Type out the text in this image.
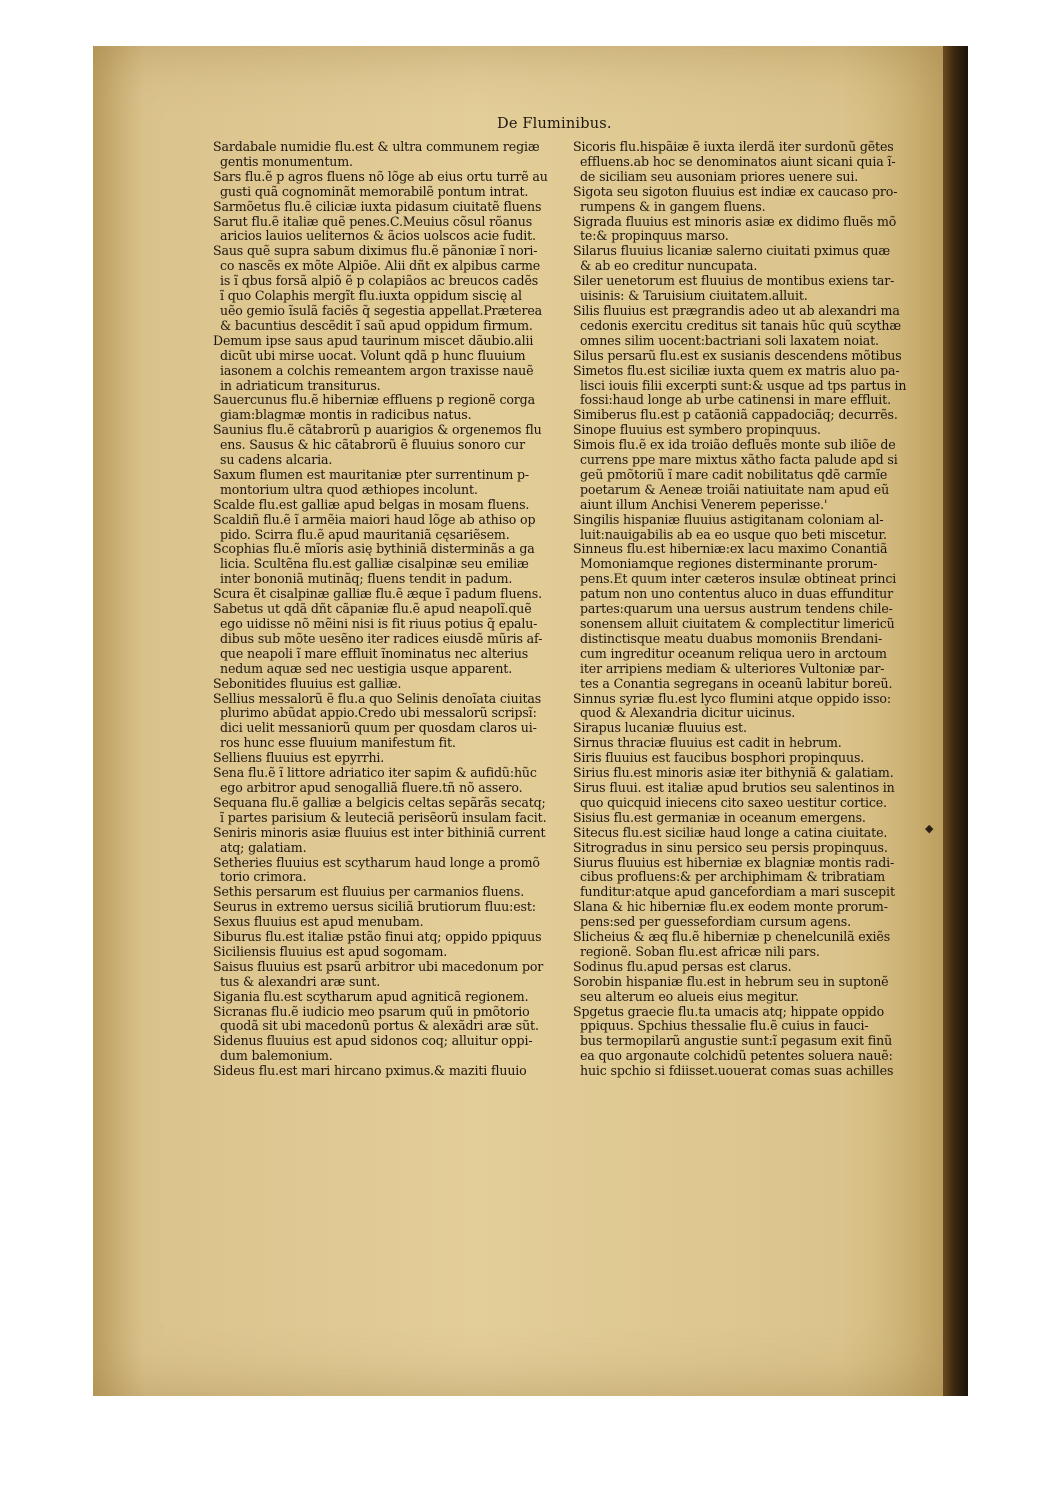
De Fluminibus.
Sardabale numidie flu.est & ultra communem regiæ
gentis monumentum.
Sars flu.ẽ p agros fluens nõ lõge ab eius ortu turrẽ au
gusti quã cognominãt memorabilẽ pontum intrat.
Sarmõetus flu.ẽ ciliciæ iuxta pidasum ciuitatẽ fluens
Sarut flu.ẽ italiæ quẽ penes.C.Meuius cõsul rõanus
aricios lauios ueliternos & ãcios uolscos acie fudit.
Saus quẽ supra sabum diximus flu.ẽ pãnoniæ ĩ nori-
co nascẽs ex mõte Alpiõe. Alii dñt ex alpibus carme
is ĩ qbus forsã alpiõ ẽ p colapiãos ac breucos cadẽs
ĩ quo Colaphis mergĩt flu.iuxta oppidum siscię al
uẽo gemio ĩsulã faciẽs q̃ segestia appellat.Præterea
& bacuntius descẽdit ĩ saũ apud oppidum firmum.
Demum ipse saus apud taurinum miscet dãubio.alii
dicũt ubi mirse uocat. Volunt qdã p hunc fluuium
iasonem a colchis remeantem argon traxisse nauẽ
in adriaticum transiturus.
Sauercunus flu.ẽ hiberniæ effluens p regionẽ corga
giam:blagmæ montis in radicibus natus.
Saunius flu.ẽ cãtabrorũ p auarigios & orgenemos flu
ens. Sausus & hic cãtabrorũ ẽ fluuius sonoro cur
su cadens alcaria.
Saxum flumen est mauritaniæ pter surrentinum p-
montorium ultra quod æthiopes incolunt.
Scalde flu.est galliæ apud belgas in mosam fluens.
Scaldiñ flu.ẽ ĩ armẽia maiori haud lõge ab athiso op
pido. Scirra flu.ẽ apud mauritaniã cęsariẽsem.
Scophias flu.ẽ mĩoris asię bythiniã disterminãs a ga
licia. Scultẽna flu.est galliæ cisalpinæ seu emiliæ
inter bononiã mutinãq; fluens tendit in padum.
Scura ẽt cisalpinæ galliæ flu.ẽ æque ĩ padum fluens.
Sabetus ut qdã dñt cãpaniæ flu.ẽ apud neapolĩ.quẽ
ego uidisse nõ mẽini nisi is fit riuus potius q̃ epalu-
dibus sub mõte uesẽno iter radices eiusdẽ mũris af-
que neapoli ĩ mare effluit ĩnominatus nec alterius
nedum aquæ sed nec uestigia usque apparent.
Sebonitides fluuius est galliæ.
Sellius messalorũ ẽ flu.a quo Selinis denoĩata ciuitas
plurimo abũdat appio.Credo ubi messalorũ scripsĩ:
dici uelit messaniorũ quum per quosdam claros ui-
ros hunc esse fluuium manifestum fit.
Selliens fluuius est epyrrhi.
Sena flu.ẽ ĩ littore adriatico iter sapim & aufidũ:hũc
ego arbitror apud senogalliã fluere.tñ nõ assero.
Sequana flu.ẽ galliæ a belgicis celtas sepãrãs secatq;
ĩ partes parisium & leuteciã perisẽorũ insulam facit.
Seniris minoris asiæ fluuius est inter bithiniã current
atq; galatiam.
Setheries fluuius est scytharum haud longe a promõ
torio crimora.
Sethis persarum est fluuius per carmanios fluens.
Seurus in extremo uersus siciliã brutiorum fluu:est:
Sexus fluuius est apud menubam.
Siburus flu.est italiæ pstão finui atq; oppido ppiquus
Siciliensis fluuius est apud sogomam.
Saisus fluuius est psarũ arbitror ubi macedonum por
tus & alexandri aræ sunt.
Sigania flu.est scytharum apud agniticã regionem.
Sicranas flu.ẽ iudicio meo psarum quũ in pmõtorio
quodã sit ubi macedonũ portus & alexãdri aræ sũt.
Sidenus fluuius est apud sidonos coq; alluitur oppi-
dum balemonium.
Sideus flu.est mari hircano pximus.& maziti fluuio
Sicoris flu.hispãiæ ẽ iuxta ilerdã iter surdonũ gẽtes
effluens.ab hoc se denominatos aiunt sicani quia ĩ-
de siciliam seu ausoniam priores uenere sui.
Sigota seu sigoton fluuius est indiæ ex caucaso pro-
rumpens & in gangem fluens.
Sigrada fluuius est minoris asiæ ex didimo fluẽs mõ
te:& propinquus marso.
Silarus fluuius licaniæ salerno ciuitati pximus quæ
& ab eo creditur nuncupata.
Siler uenetorum est fluuius de montibus exiens tar-
uisinis: & Taruisium ciuitatem.alluit.
Silis fluuius est prægrandis adeo ut ab alexandri ma
cedonis exercitu creditus sit tanais hũc quũ scythæ
omnes silim uocent:bactriani soli laxatem noiat.
Silus persarũ flu.est ex susianis descendens mõtibus
Simetos flu.est siciliæ iuxta quem ex matris aluo pa-
lisci iouis filii excerpti sunt:& usque ad tps partus in
fossi:haud longe ab urbe catinensi in mare effluit.
Simiberus flu.est p catãoniã cappadociãq; decurrẽs.
Sinope fluuius est symbero propinquus.
Simois flu.ẽ ex ida troião defluẽs monte sub iliõe de
currens ppe mare mixtus xãtho facta palude apd si
geũ pmõtoriũ ĩ mare cadit nobilitatus qdẽ carmĩe
poetarum & Aeneæ troiãi natiuitate nam apud eũ
aiunt illum Anchisi Venerem peperisse.'
Singilis hispaniæ fluuius astigitanam coloniam al-
luit:nauigabilis ab ea eo usque quo beti miscetur.
Sinneus flu.est hiberniæ:ex lacu maximo Conantiã
Momoniamque regiones disterminante prorum-
pens.Et quum inter cæteros insulæ obtineat princi
patum non uno contentus aluco in duas effunditur
partes:quarum una uersus austrum tendens chile-
sonensem alluit ciuitatem & complectitur limericũ
distinctisque meatu duabus momoniis Brendani-
cum ingreditur oceanum reliqua uero in arctoum
iter arripiens mediam & ulteriores Vultoniæ par-
tes a Conantia segregans in oceanũ labitur boreũ.
Sinnus syriæ flu.est lyco flumini atque oppido isso:
quod & Alexandria dicitur uicinus.
Sirapus lucaniæ fluuius est.
Sirnus thraciæ fluuius est cadit in hebrum.
Siris fluuius est faucibus bosphori propinquus.
Sirius flu.est minoris asiæ iter bithyniã & galatiam.
Sirus fluui. est italiæ apud brutios seu salentinos in
quo quicquid iniecens cito saxeo uestitur cortice.
Sisius flu.est germaniæ in oceanum emergens.
Sitecus flu.est siciliæ haud longe a catina ciuitate.
Sitrogradus in sinu persico seu persis propinquus.
Siurus fluuius est hiberniæ ex blagniæ montis radi-
cibus profluens:& per archiphimam & tribratiam
funditur:atque apud gancefordiam a mari suscepit
Slana & hic hiberniæ flu.ex eodem monte prorum-
pens:sed per guessefordiam cursum agens.
Slicheius & æq flu.ẽ hiberniæ p chenelcunilã exiẽs
regionẽ. Soban flu.est africæ nili pars.
Sodinus flu.apud persas est clarus.
Sorobin hispaniæ flu.est in hebrum seu in suptonẽ
seu alterum eo alueis eius megitur.
Spgetus graecie flu.ta umacis atq; hippate oppido
ppiquus. Spchius thessalie flu.ẽ cuius in fauci-
bus termopilarũ angustie sunt:ĩ pegasum exit finũ
ea quo argonaute colchidũ petentes soluera nauẽ:
huic spchio si fdiisset.uouerat comas suas achilles
◆
